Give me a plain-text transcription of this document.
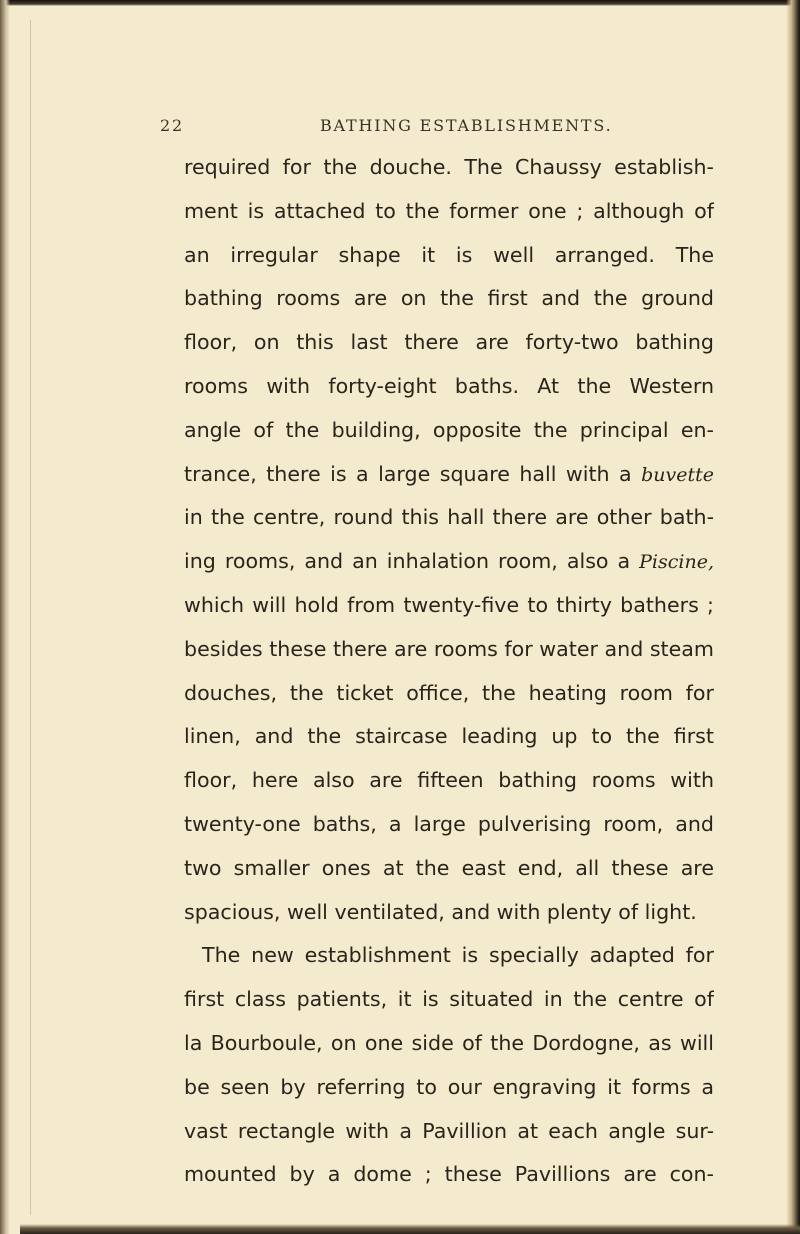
22	BATHING ESTABLISHMENTS.
required for the douche. The Chaussy establish-
ment is attached to the former one ; although of
an irregular shape it is well arranged. The
bathing rooms are on the first and the ground
floor, on this last there are forty-two bathing
rooms with forty-eight baths. At the Western
angle of the building, opposite the principal en-
trance, there is a large square hall with a buvette
in the centre, round this hall there are other bath-
ing rooms, and an inhalation room, also a Piscine,
which will hold from twenty-five to thirty bathers ;
besides these there are rooms for water and steam
douches, the ticket office, the heating room for
linen, and the staircase leading up to the first
floor, here also are fifteen bathing rooms with
twenty-one baths, a large pulverising room, and
two smaller ones at the east end, all these are
spacious, well ventilated, and with plenty of light.
The new establishment is specially adapted for
first class patients, it is situated in the centre of
la Bourboule, on one side of the Dordogne, as will
be seen by referring to our engraving it forms a
vast rectangle with a Pavillion at each angle sur-
mounted by a dome ; these Pavillions are con-
